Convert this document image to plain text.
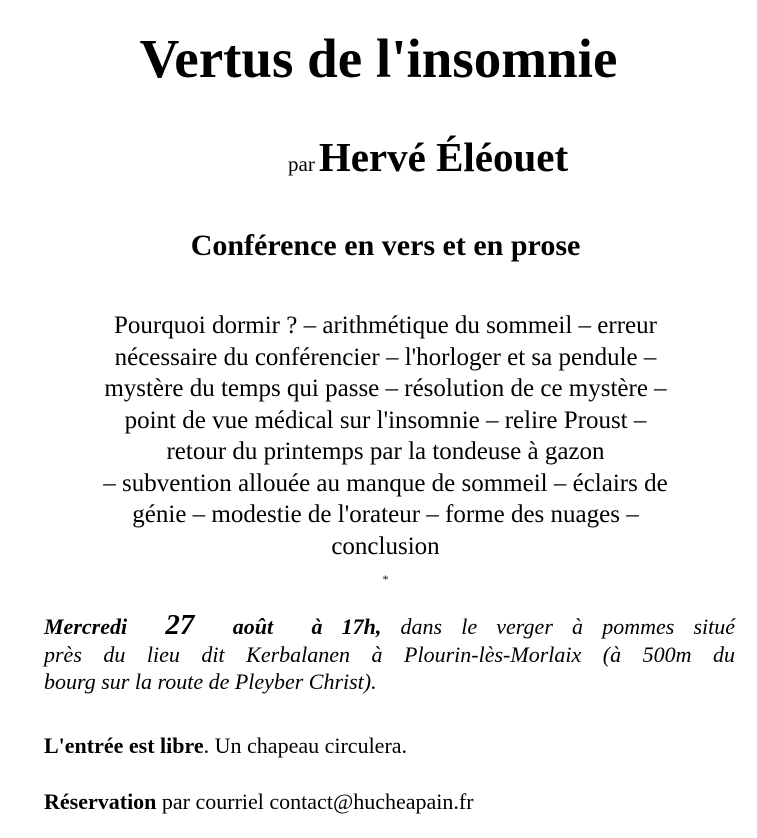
Vertus de l'insomnie
par Hervé Éléouet
Conférence en vers et en prose
Pourquoi dormir ? – arithmétique du sommeil – erreur
nécessaire du conférencier – l'horloger et sa pendule –
mystère du temps qui passe – résolution de ce mystère –
point de vue médical sur l'insomnie – relire Proust –
retour du printemps par la tondeuse à gazon
– subvention allouée au manque de sommeil – éclairs de
génie – modestie de l'orateur – forme des nuages –
conclusion
*
Mercredi 27 août à 17h, dans le verger à pommes situé
près du lieu dit Kerbalanen à Plourin-lès-Morlaix (à 500m du
bourg sur la route de Pleyber Christ).
L'entrée est libre. Un chapeau circulera.
Réservation par courriel contact@hucheapain.fr
